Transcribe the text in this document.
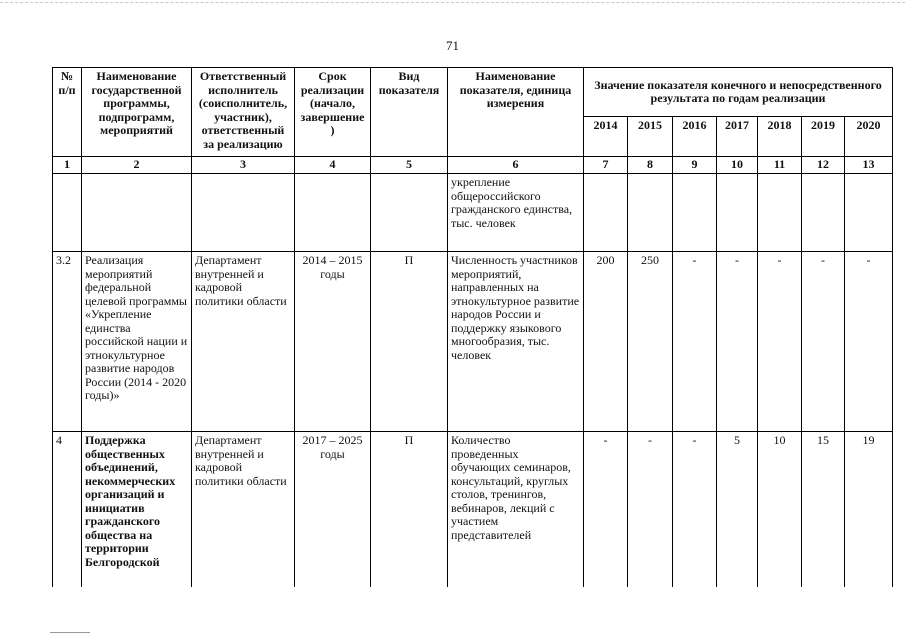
71
№
п/п	Наименование государственной программы, подпрограмм, мероприятий	Ответственный исполнитель (соисполнитель, участник), ответственный за реализацию	Срок реализации (начало, завершение )	Вид показателя	Наименование показателя, единица измерения	Значение показателя конечного и непосредственного результата по годам реализации						
						2014	2015	2016	2017	2018	2019	2020
1	2	3	4	5	6	7	8	9	10	11	12	13
					укрепление общероссийского гражданского единства, тыс. человек							
3.2	Реализация мероприятий федеральной целевой программы «Укрепление единства российской нации и этнокультурное развитие народов России (2014 - 2020 годы)»	Департамент внутренней и кадровой политики области	2014 – 2015 годы	П	Численность участников мероприятий, направленных на этнокультурное развитие народов России и поддержку языкового многообразия, тыс. человек	200	250	-	-	-	-	-
4	Поддержка общественных объединений, некоммерческих организаций и инициатив гражданского общества на территории Белгородской	Департамент внутренней и кадровой политики области	2017 – 2025 годы	П	Количество проведенных обучающих семинаров, консультаций, круглых столов, тренингов, вебинаров, лекций с участием представителей	-	-	-	5	10	15	19
